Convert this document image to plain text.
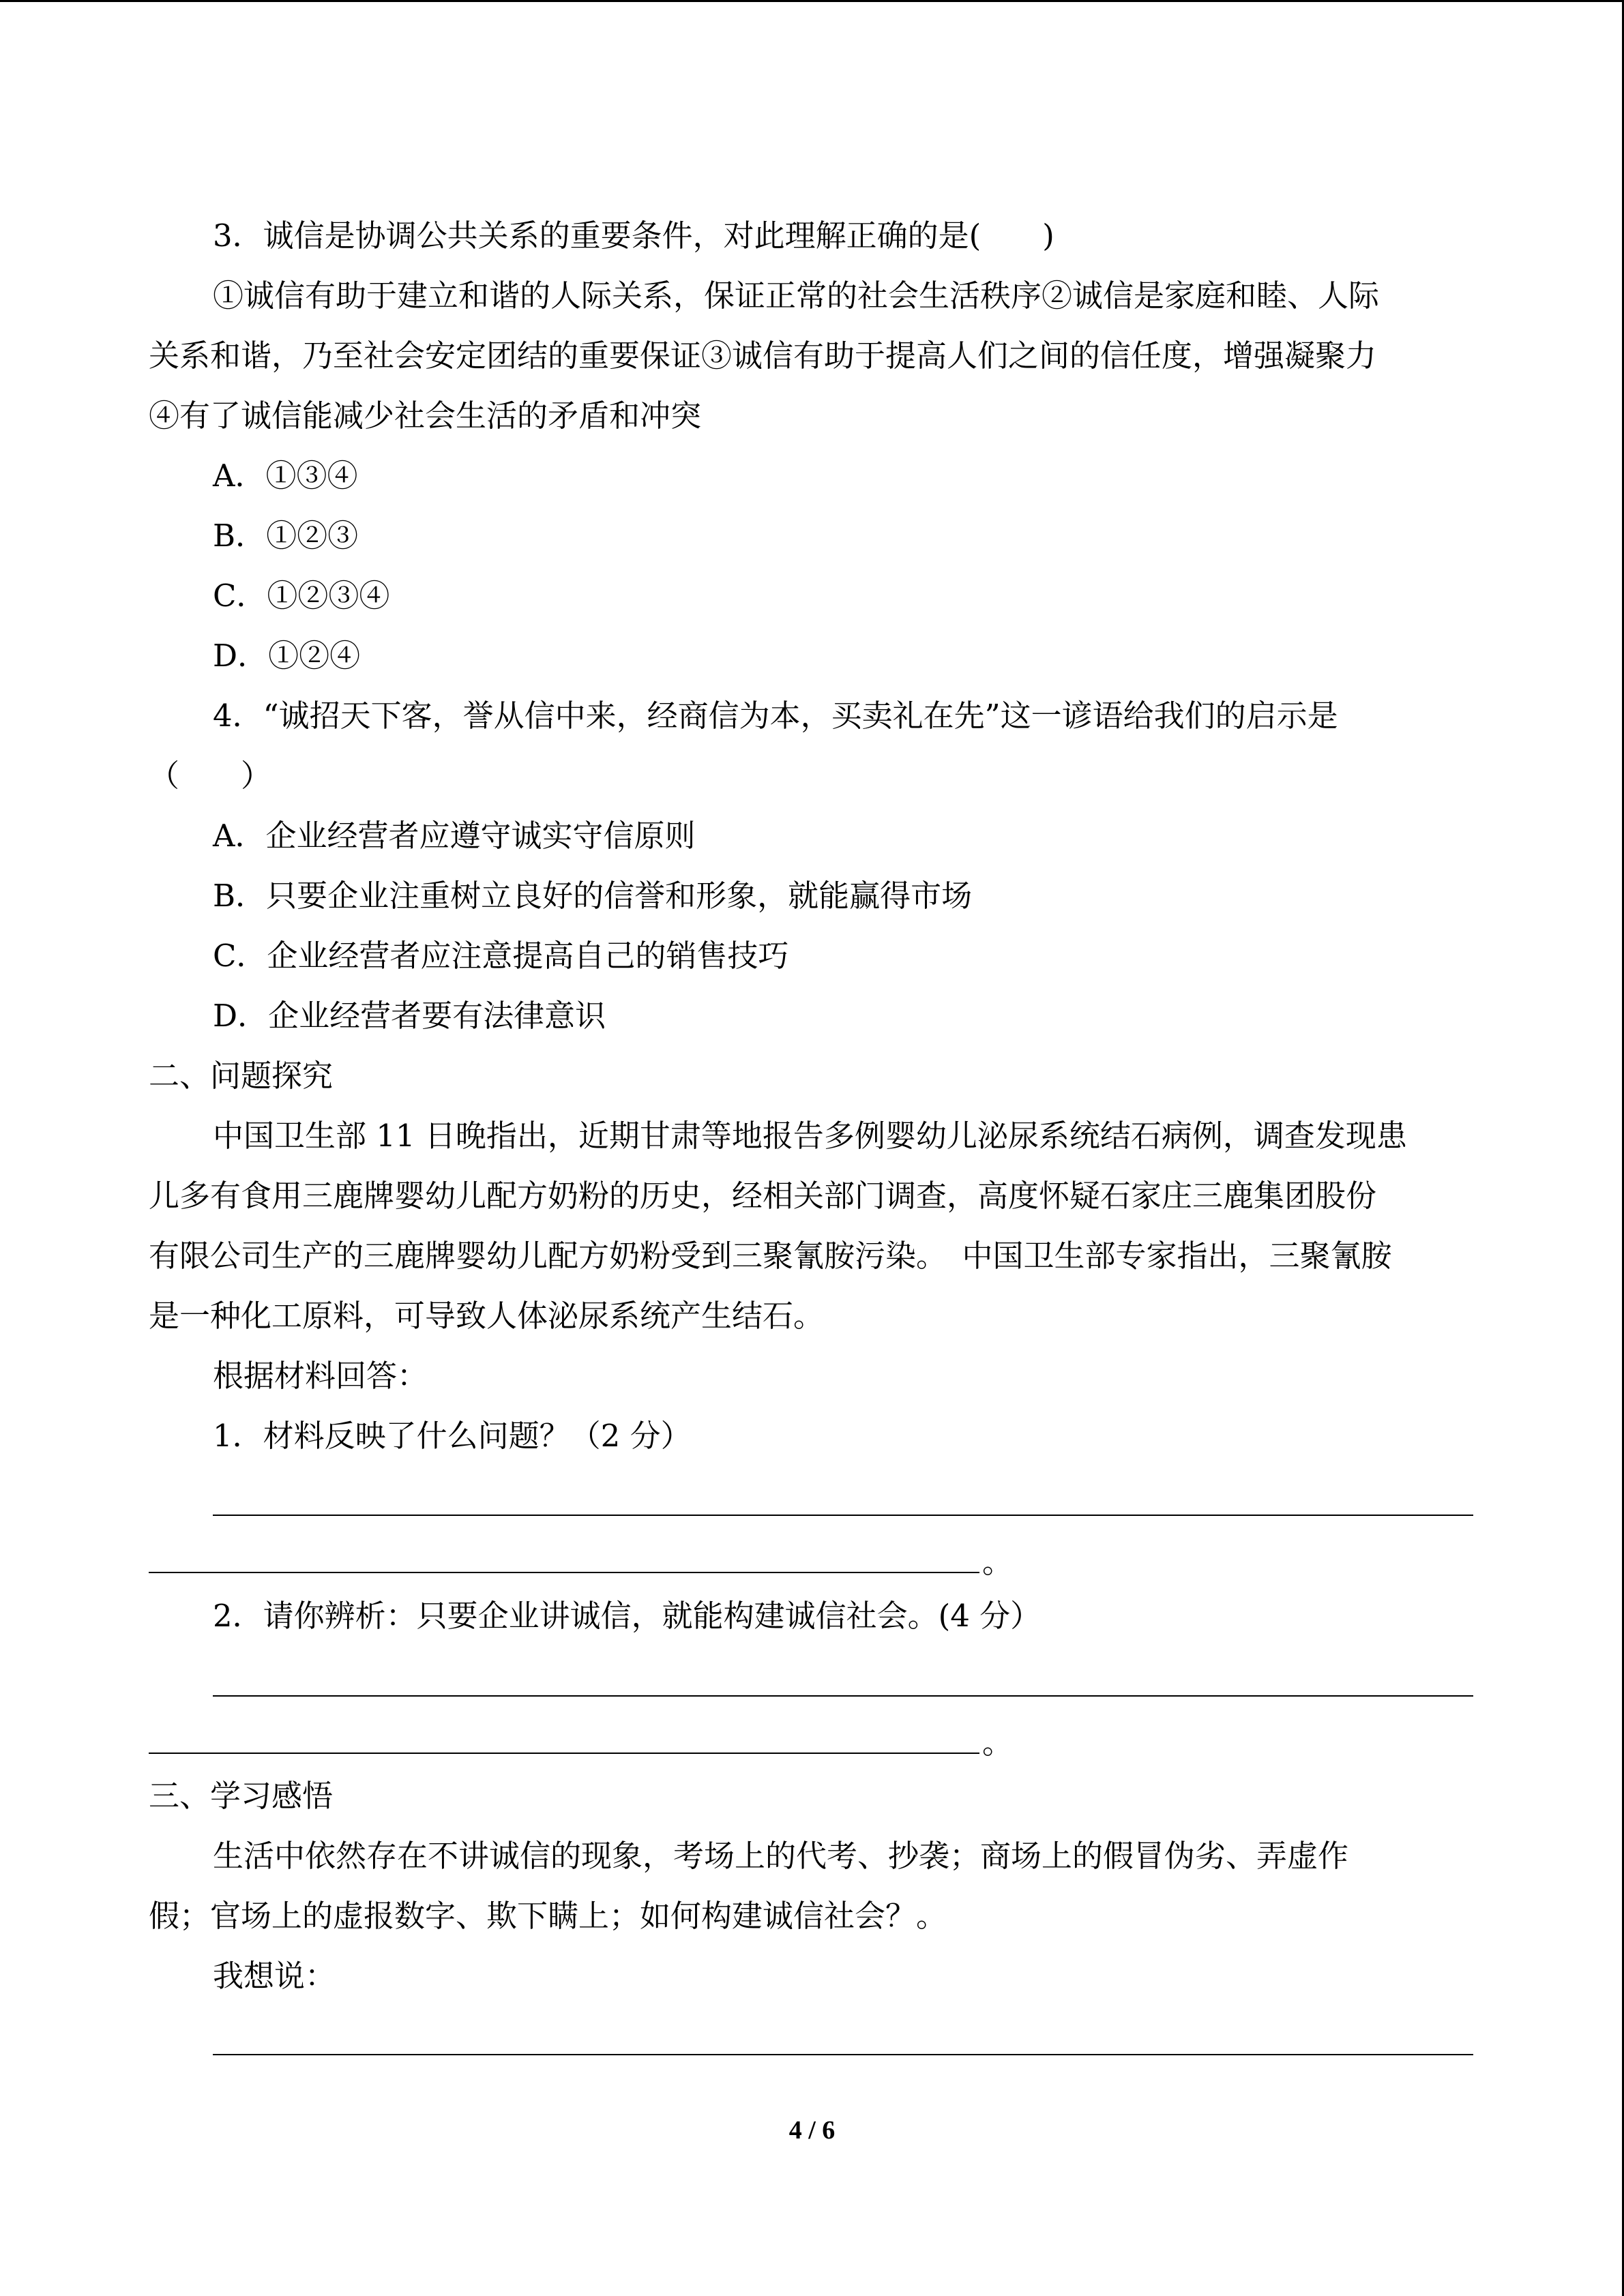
3．诚信是协调公共关系的重要条件，对此理解正确的是(　　)
①诚信有助于建立和谐的人际关系，保证正常的社会生活秩序②诚信是家庭和睦、人际
关系和谐，乃至社会安定团结的重要保证③诚信有助于提高人们之间的信任度，增强凝聚力
④有了诚信能减少社会生活的矛盾和冲突
A．①③④
B．①②③
C．①②③④
D．①②④
4．“诚招天下客，誉从信中来，经商信为本，买卖礼在先”这一谚语给我们的启示是
（　　）
A．企业经营者应遵守诚实守信原则
B．只要企业注重树立良好的信誉和形象，就能赢得市场
C．企业经营者应注意提高自己的销售技巧
D．企业经营者要有法律意识
二、问题探究
中国卫生部 11 日晚指出，近期甘肃等地报告多例婴幼儿泌尿系统结石病例，调查发现患
儿多有食用三鹿牌婴幼儿配方奶粉的历史，经相关部门调查，高度怀疑石家庄三鹿集团股份
有限公司生产的三鹿牌婴幼儿配方奶粉受到三聚氰胺污染。　中国卫生部专家指出，三聚氰胺
是一种化工原料，可导致人体泌尿系统产生结石。
根据材料回答：
1．材料反映了什么问题？（2 分）
。
2．请你辨析：只要企业讲诚信，就能构建诚信社会。(4 分）
。
三、学习感悟
生活中依然存在不讲诚信的现象，考场上的代考、抄袭；商场上的假冒伪劣、弄虚作
假；官场上的虚报数字、欺下瞒上；如何构建诚信社会？。
我想说：
4 / 6
